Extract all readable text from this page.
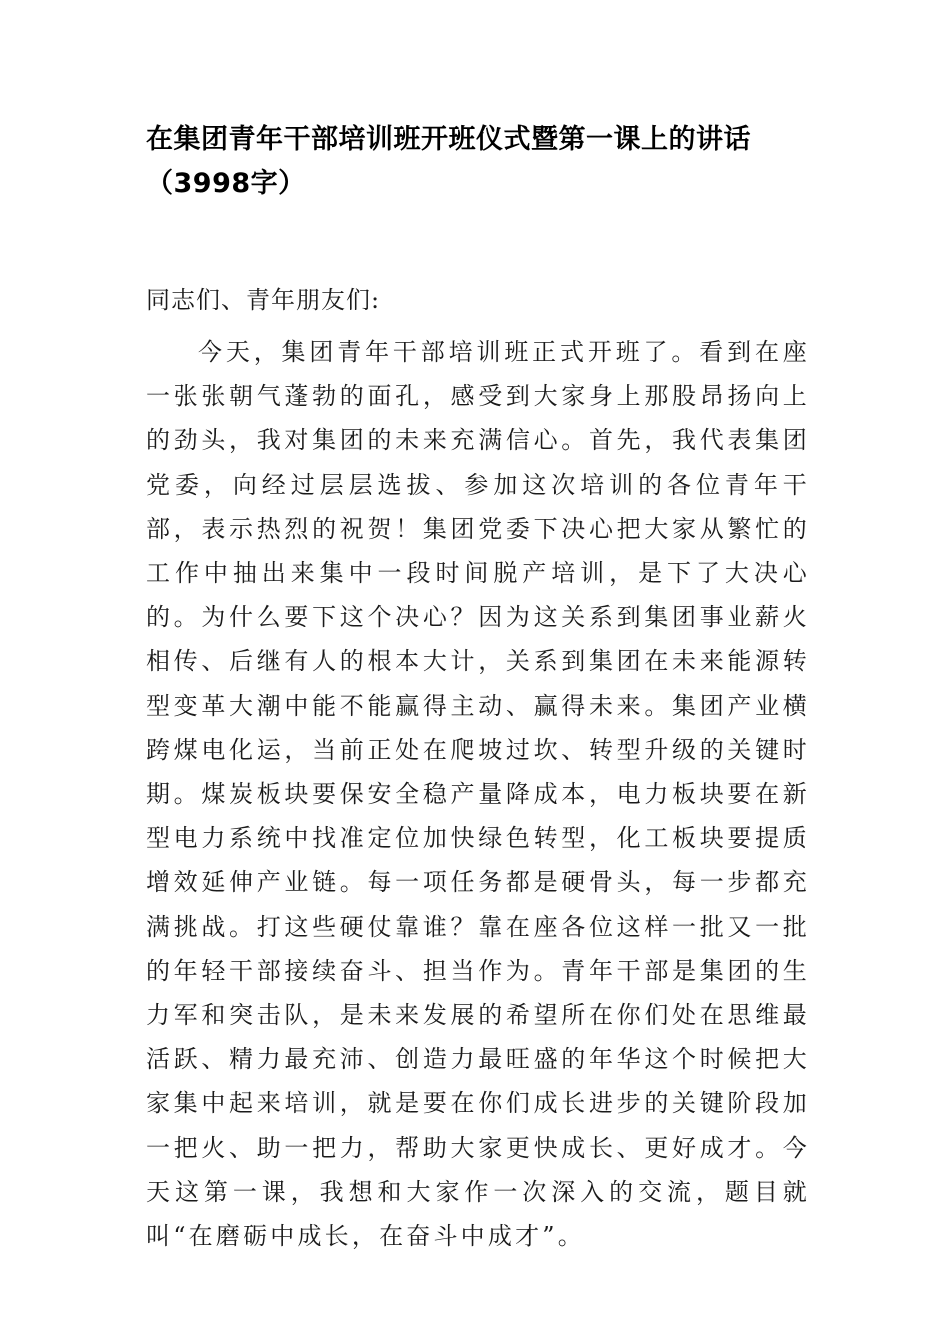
在集团青年干部培训班开班仪式暨第一课上的讲话（3998字）

同志们、青年朋友们:

今天，集团青年干部培训班正式开班了。看到在座一张张朝气蓬勃的面孔，感受到大家身上那股昂扬向上的劲头，我对集团的未来充满信心。首先，我代表集团党委，向经过层层选拔、参加这次培训的各位青年干部，表示热烈的祝贺！集团党委下决心把大家从繁忙的工作中抽出来集中一段时间脱产培训，是下了大决心的。为什么要下这个决心？因为这关系到集团事业薪火相传、后继有人的根本大计，关系到集团在未来能源转型变革大潮中能不能赢得主动、赢得未来。集团产业横跨煤电化运，当前正处在爬坡过坎、转型升级的关键时期。煤炭板块要保安全稳产量降成本，电力板块要在新型电力系统中找准定位加快绿色转型，化工板块要提质增效延伸产业链。每一项任务都是硬骨头，每一步都充满挑战。打这些硬仗靠谁？靠在座各位这样一批又一批的年轻干部接续奋斗、担当作为。青年干部是集团的生力军和突击队，是未来发展的希望所在你们处在思维最活跃、精力最充沛、创造力最旺盛的年华这个时候把大家集中起来培训，就是要在你们成长进步的关键阶段加一把火、助一把力，帮助大家更快成长、更好成才。今天这第一课，我想和大家作一次深入的交流，题目就叫“在磨砺中成长，在奋斗中成才”。
